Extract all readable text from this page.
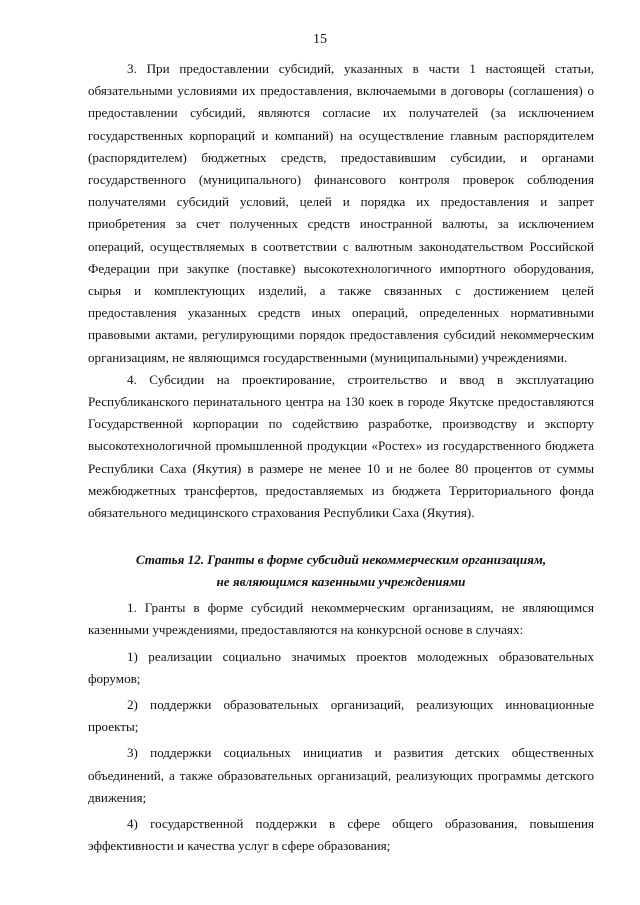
15

3. При предоставлении субсидий, указанных в части 1 настоящей статьи, обязательными условиями их предоставления, включаемыми в договоры (соглашения) о предоставлении субсидий, являются согласие их получателей (за исключением государственных корпораций и компаний) на осуществление главным распорядителем (распорядителем) бюджетных средств, предоставившим субсидии, и органами государственного (муниципального) финансового контроля проверок соблюдения получателями субсидий условий, целей и порядка их предоставления и запрет приобретения за счет полученных средств иностранной валюты, за исключением операций, осуществляемых в соответствии с валютным законодательством Российской Федерации при закупке (поставке) высокотехнологичного импортного оборудования, сырья и комплектующих изделий, а также связанных с достижением целей предоставления указанных средств иных операций, определенных нормативными правовыми актами, регулирующими порядок предоставления субсидий некоммерческим организациям, не являющимся государственными (муниципальными) учреждениями.

4. Субсидии на проектирование, строительство и ввод в эксплуатацию Республиканского перинатального центра на 130 коек в городе Якутске предоставляются Государственной корпорации по содействию разработке, производству и экспорту высокотехнологичной промышленной продукции «Ростех» из государственного бюджета Республики Саха (Якутия) в размере не менее 10 и не более 80 процентов от суммы межбюджетных трансфертов, предоставляемых из бюджета Территориального фонда обязательного медицинского страхования Республики Саха (Якутия).

Статья 12. Гранты в форме субсидий некоммерческим организациям,
не являющимся казенными учреждениями

1. Гранты в форме субсидий некоммерческим организациям, не являющимся казенными учреждениями, предоставляются на конкурсной основе в случаях:

1) реализации социально значимых проектов молодежных образовательных форумов;

2) поддержки образовательных организаций, реализующих инновационные проекты;

3) поддержки социальных инициатив и развития детских общественных объединений, а также образовательных организаций, реализующих программы детского движения;

4) государственной поддержки в сфере общего образования, повышения эффективности и качества услуг в сфере образования;
